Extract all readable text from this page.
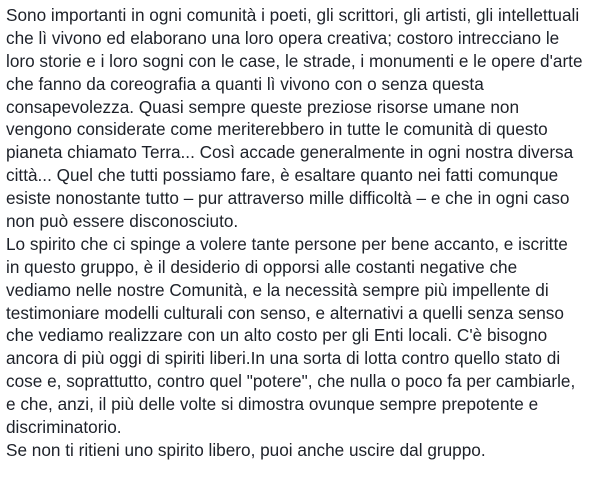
Sono importanti in ogni comunità i poeti, gli scrittori, gli artisti, gli intellettuali
che lì vivono ed elaborano una loro opera creativa; costoro intrecciano le
loro storie e i loro sogni con le case, le strade, i monumenti e le opere d'arte
che fanno da coreografia a quanti lì vivono con o senza questa
consapevolezza. Quasi sempre queste preziose risorse umane non
vengono considerate come meriterebbero in tutte le comunità di questo
pianeta chiamato Terra... Così accade generalmente in ogni nostra diversa
città... Quel che tutti possiamo fare, è esaltare quanto nei fatti comunque
esiste nonostante tutto – pur attraverso mille difficoltà – e che in ogni caso
non può essere disconosciuto.
Lo spirito che ci spinge a volere tante persone per bene accanto, e iscritte
in questo gruppo, è il desiderio di opporsi alle costanti negative che
vediamo nelle nostre Comunità, e la necessità sempre più impellente di
testimoniare modelli culturali con senso, e alternativi a quelli senza senso
che vediamo realizzare con un alto costo per gli Enti locali. C'è bisogno
ancora di più oggi di spiriti liberi.In una sorta di lotta contro quello stato di
cose e, soprattutto, contro quel "potere", che nulla o poco fa per cambiarle,
e che, anzi, il più delle volte si dimostra ovunque sempre prepotente e
discriminatorio.
Se non ti ritieni uno spirito libero, puoi anche uscire dal gruppo.
